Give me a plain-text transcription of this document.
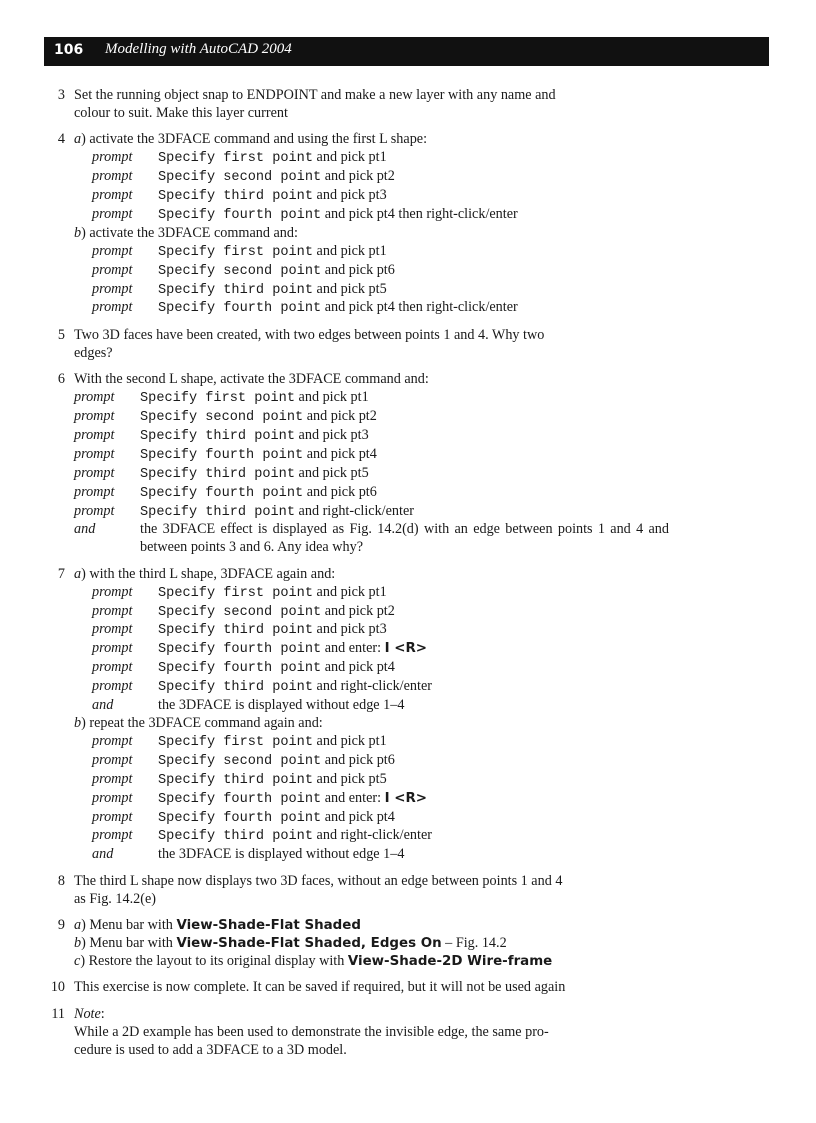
106 Modelling with AutoCAD 2004
3 Set the running object snap to ENDPOINT and make a new layer with any name and
colour to suit. Make this layer current
4 a) activate the 3DFACE command and using the first L shape:
prompt	Specify first point and pick pt1
prompt	Specify second point and pick pt2
prompt	Specify third point and pick pt3
prompt	Specify fourth point and pick pt4 then right-click/enter
b) activate the 3DFACE command and:
prompt	Specify first point and pick pt1
prompt	Specify second point and pick pt6
prompt	Specify third point and pick pt5
prompt	Specify fourth point and pick pt4 then right-click/enter
5 Two 3D faces have been created, with two edges between points 1 and 4. Why two
edges?
6 With the second L shape, activate the 3DFACE command and:
prompt	Specify first point and pick pt1
prompt	Specify second point and pick pt2
prompt	Specify third point and pick pt3
prompt	Specify fourth point and pick pt4
prompt	Specify third point and pick pt5
prompt	Specify fourth point and pick pt6
prompt	Specify third point and right-click/enter
and	the 3DFACE effect is displayed as Fig. 14.2(d) with an edge between points 1 and 4 and between points 3 and 6. Any idea why?
7 a) with the third L shape, 3DFACE again and:
prompt	Specify first point and pick pt1
prompt	Specify second point and pick pt2
prompt	Specify third point and pick pt3
prompt	Specify fourth point and enter: I <R>
prompt	Specify fourth point and pick pt4
prompt	Specify third point and right-click/enter
and	the 3DFACE is displayed without edge 1–4
b) repeat the 3DFACE command again and:
prompt	Specify first point and pick pt1
prompt	Specify second point and pick pt6
prompt	Specify third point and pick pt5
prompt	Specify fourth point and enter: I <R>
prompt	Specify fourth point and pick pt4
prompt	Specify third point and right-click/enter
and	the 3DFACE is displayed without edge 1–4
8 The third L shape now displays two 3D faces, without an edge between points 1 and 4
as Fig. 14.2(e)
9 a) Menu bar with View-Shade-Flat Shaded
b) Menu bar with View-Shade-Flat Shaded, Edges On – Fig. 14.2
c) Restore the layout to its original display with View-Shade-2D Wire-frame
10 This exercise is now complete. It can be saved if required, but it will not be used again
11 Note:
While a 2D example has been used to demonstrate the invisible edge, the same pro-
cedure is used to add a 3DFACE to a 3D model.
